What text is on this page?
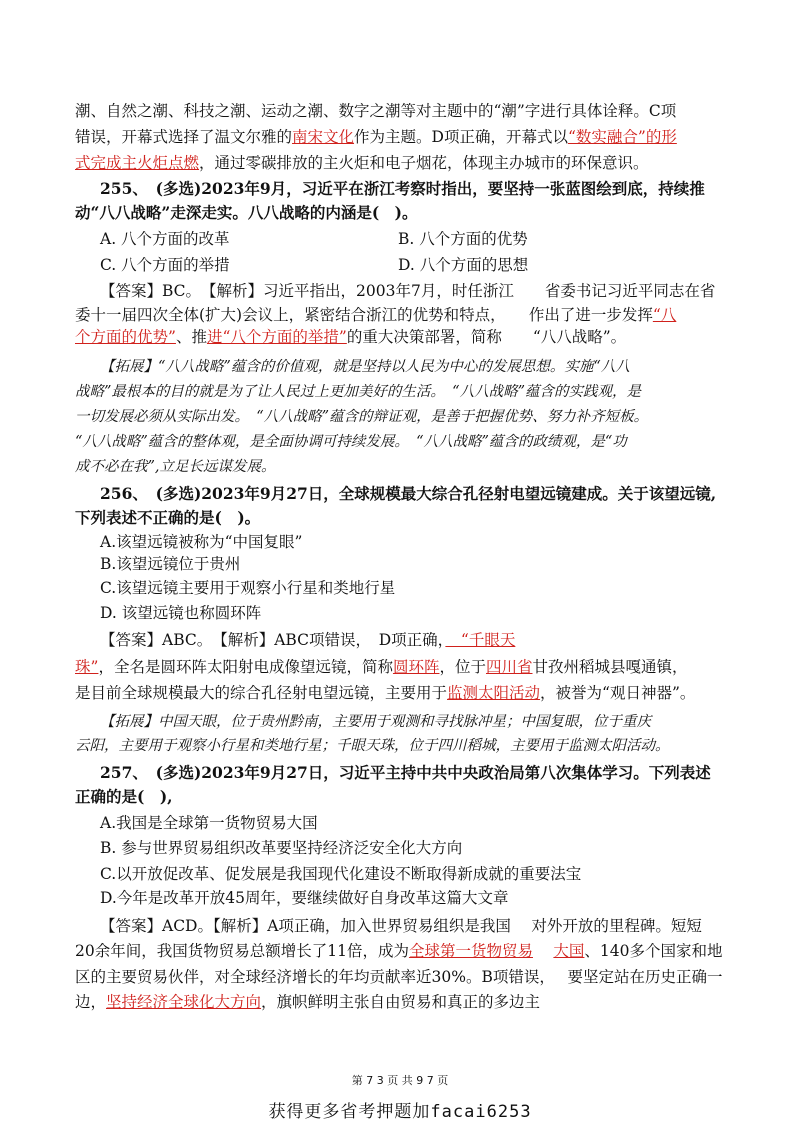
潮、自然之潮、科技之潮、运动之潮、数字之潮等对主题中的“潮”字进行具体诠释。C项
错误，开幕式选择了温文尔雅的南宋文化作为主题。D项正确，开幕式以“数实融合”的形
式完成主火炬点燃，通过零碳排放的主火炬和电子烟花，体现主办城市的环保意识。
255、　(多选)2023年9月，习近平在浙江考察时指出，要坚持一张蓝图绘到底，持续推
动“八八战略”走深走实。八八战略的内涵是(　)。
A. 八个方面的改革	B. 八个方面的优势
C. 八个方面的举措	D. 八个方面的思想
【答案】BC。　【解析】习近平指出，2003年7月，时任浙江　　省委书记习近平同志在省
委十一届四次全体(扩大)会议上，紧密结合浙江的优势和特点，　　作出了进一步发挥“八
个方面的优势”、推进“八个方面的举措”的重大决策部署，简称　　“八八战略”。
【拓展】“八八战略”蕴含的价值观，就是坚持以人民为中心的发展思想。实施“八八
战略”最根本的目的就是为了让人民过上更加美好的生活。　“八八战略”蕴含的实践观，是
一切发展必须从实际出发。　“八八战略”蕴含的辩证观，是善于把握优势、努力补齐短板。
“八八战略”蕴含的整体观，是全面协调可持续发展。　“八八战略”蕴含的政绩观，是“功
成不必在我”,立足长远谋发展。
256、　(多选)2023年9月27日，全球规模最大综合孔径射电望远镜建成。关于该望远镜,
下列表述不正确的是(　)。
A.该望远镜被称为“中国复眼”
B.该望远镜位于贵州
C.该望远镜主要用于观察小行星和类地行星
D. 该望远镜也称圆环阵
【答案】ABC。　【解析】ABC项错误，　D项正确，　“千眼天
珠”，全名是圆环阵太阳射电成像望远镜，简称圆环阵，位于四川省甘孜州稻城县嘎通镇，
是目前全球规模最大的综合孔径射电望远镜，主要用于监测太阳活动，被誉为“观日神器”。
【拓展】中国天眼，位于贵州黔南，主要用于观测和寻找脉冲星；中国复眼，位于重庆
云阳，主要用于观察小行星和类地行星；千眼天珠，位于四川稻城，主要用于监测太阳活动。
257、　(多选)2023年9月27日，习近平主持中共中央政治局第八次集体学习。下列表述
正确的是(　),
A.我国是全球第一货物贸易大国
B. 参与世界贸易组织改革要坚持经济泛安全化大方向
C.以开放促改革、促发展是我国现代化建设不断取得新成就的重要法宝
D.今年是改革开放45周年，要继续做好自身改革这篇大文章
【答案】ACD。【解析】A项正确，加入世界贸易组织是我国　 对外开放的里程碑。短短
20余年间，我国货物贸易总额增长了11倍，成为全球第一货物贸易　 大国、140多个国家和地
区的主要贸易伙伴，对全球经济增长的年均贡献率近30%。B项错误，　 要坚定站在历史正确一
边，坚持经济全球化大方向，旗帜鲜明主张自由贸易和真正的多边主
第 7 3 页 共 9 7 页
获得更多省考押题加facai6253
